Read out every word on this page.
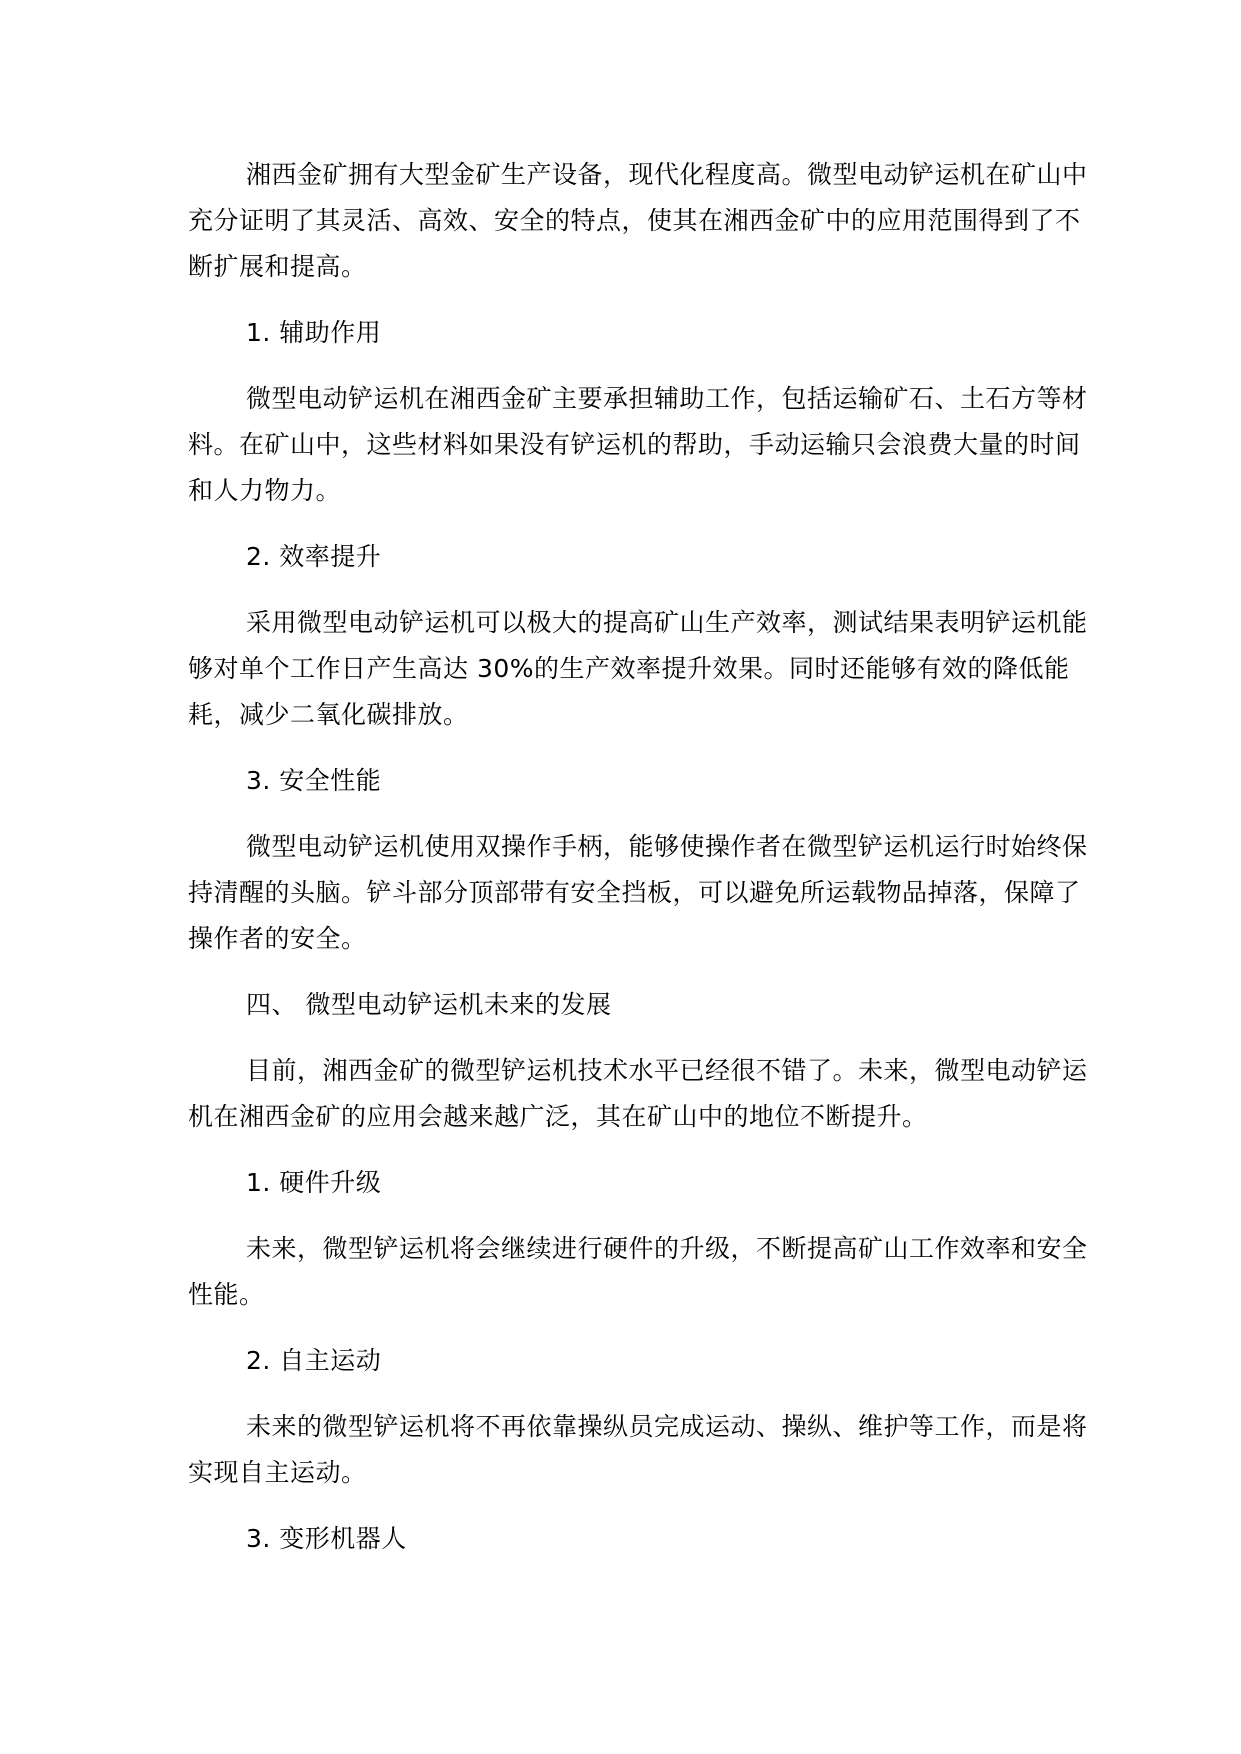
湘西金矿拥有大型金矿生产设备，现代化程度高。微型电动铲运机在矿山中充分证明了其灵活、高效、安全的特点，使其在湘西金矿中的应用范围得到了不断扩展和提高。

1. 辅助作用

微型电动铲运机在湘西金矿主要承担辅助工作，包括运输矿石、土石方等材料。在矿山中，这些材料如果没有铲运机的帮助，手动运输只会浪费大量的时间和人力物力。

2. 效率提升

采用微型电动铲运机可以极大的提高矿山生产效率，测试结果表明铲运机能够对单个工作日产生高达 30%的生产效率提升效果。同时还能够有效的降低能耗，减少二氧化碳排放。

3. 安全性能

微型电动铲运机使用双操作手柄，能够使操作者在微型铲运机运行时始终保持清醒的头脑。铲斗部分顶部带有安全挡板，可以避免所运载物品掉落，保障了操作者的安全。

四、 微型电动铲运机未来的发展

目前，湘西金矿的微型铲运机技术水平已经很不错了。未来，微型电动铲运机在湘西金矿的应用会越来越广泛，其在矿山中的地位不断提升。

1. 硬件升级

未来，微型铲运机将会继续进行硬件的升级，不断提高矿山工作效率和安全性能。

2. 自主运动

未来的微型铲运机将不再依靠操纵员完成运动、操纵、维护等工作，而是将实现自主运动。

3. 变形机器人
